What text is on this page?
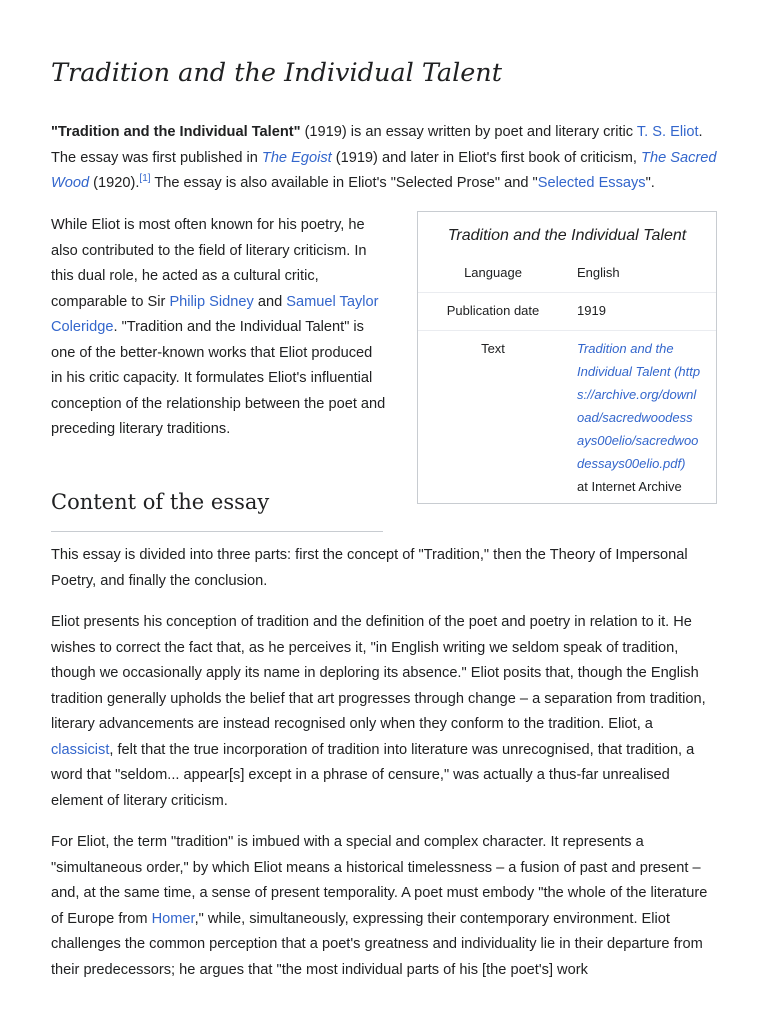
Tradition and the Individual Talent

"Tradition and the Individual Talent" (1919) is an essay written by poet and literary critic T. S. Eliot. The essay was first published in The Egoist (1919) and later in Eliot's first book of criticism, The Sacred Wood (1920).[1] The essay is also available in Eliot's "Selected Prose" and "Selected Essays".

While Eliot is most often known for his poetry, he also contributed to the field of literary criticism. In this dual role, he acted as a cultural critic, comparable to Sir Philip Sidney and Samuel Taylor Coleridge. "Tradition and the Individual Talent" is one of the better-known works that Eliot produced in his critic capacity. It formulates Eliot's influential conception of the relationship between the poet and preceding literary traditions.

Tradition and the Individual Talent
Language	English
Publication date	1919
Text	Tradition and the
Individual Talent (http
s://archive.org/downl
oad/sacredwoodess
ays00elio/sacredwoo
dessays00elio.pdf)
at Internet Archive
Content of the essay

This essay is divided into three parts: first the concept of "Tradition," then the Theory of Impersonal Poetry, and finally the conclusion.

Eliot presents his conception of tradition and the definition of the poet and poetry in relation to it. He wishes to correct the fact that, as he perceives it, "in English writing we seldom speak of tradition, though we occasionally apply its name in deploring its absence." Eliot posits that, though the English tradition generally upholds the belief that art progresses through change – a separation from tradition, literary advancements are instead recognised only when they conform to the tradition. Eliot, a classicist, felt that the true incorporation of tradition into literature was unrecognised, that tradition, a word that "seldom... appear[s] except in a phrase of censure," was actually a thus-far unrealised element of literary criticism.

For Eliot, the term "tradition" is imbued with a special and complex character. It represents a "simultaneous order," by which Eliot means a historical timelessness – a fusion of past and present – and, at the same time, a sense of present temporality. A poet must embody "the whole of the literature of Europe from Homer," while, simultaneously, expressing their contemporary environment. Eliot challenges the common perception that a poet's greatness and individuality lie in their departure from their predecessors; he argues that "the most individual parts of his [the poet's] work
